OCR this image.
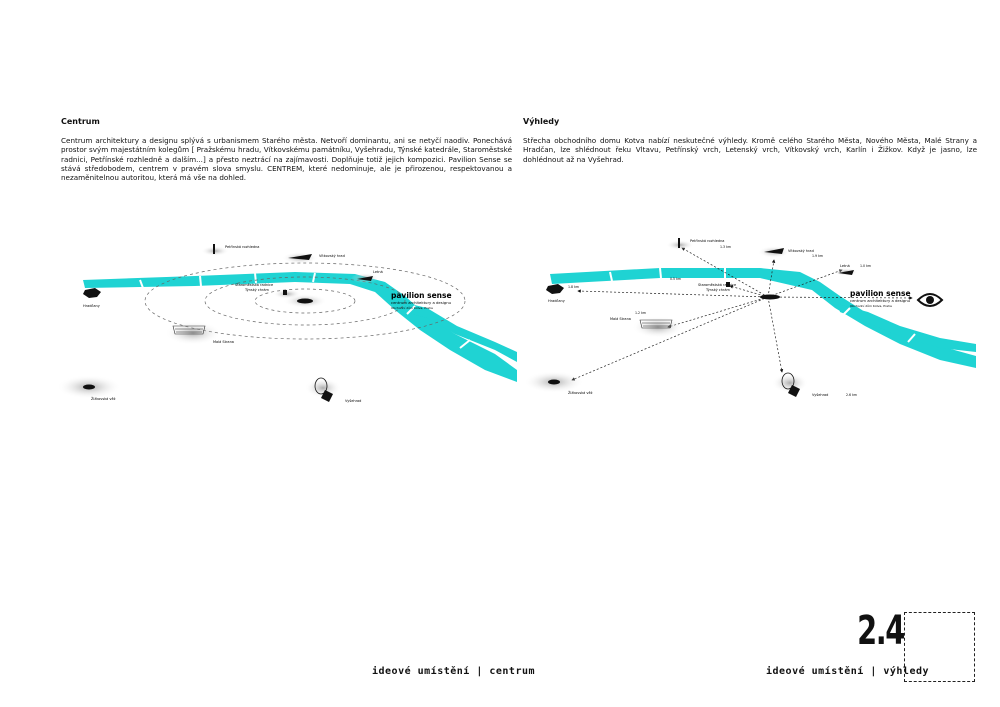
Centrum
Centrum architektury a designu splývá s urbanismem Starého města. Netvoří dominantu, ani se netyčí naodiv. Ponechává prostor svým majestátním kolegům [ Pražskému hradu, Vítkovskému památníku, Vyšehradu, Týnské katedrále, Staroměstské radnici, Petřínské rozhledně a dalším...] a přesto neztrácí na zajímavosti. Doplňuje totiž jejich kompozici. Pavilion Sense se stává středobodem, centrem v pravém slova smyslu. CENTREM, které nedominuje, ale je přirozenou, respektovanou a nezaměnitelnou autoritou, která má vše na dohled.
Výhledy
Střecha obchodního domu Kotva nabízí neskutečné výhledy. Kromě celého Starého Města, Nového Města, Malé Strany a Hradčan, lze shlédnout řeku Vltavu, Petřínský vrch, Letenský vrch, Vítkovský vrch, Karlín i Žižkov. Když je jasno, lze dohlédnout až na Vyšehrad.
Petřínská rozhledna
Vítkovský hrad
Letná
Staroměstská radnice
Týnský chrám
pavilion sense
centrum architektury a designu
Obchodní dům Kotva, Praha
Hradčany
Malá Strana
Žižkovská věž	Vyšehrad
Petřínská rozhledna
1.3 km
Vítkovský hrad
1.9 km
Letná	1.0 km
Staroměstská radnice
Týnský chrám
0.5 km
pavilion sense
centrum architektury a designu
Obchodní dům Kotva, Praha
Hradčany
1.8 km
Malá Strana
1.2 km
Žižkovská věž	Vyšehrad	2.6 km
ideové umístění | centrum	ideové umístění | výhledy
2.4
